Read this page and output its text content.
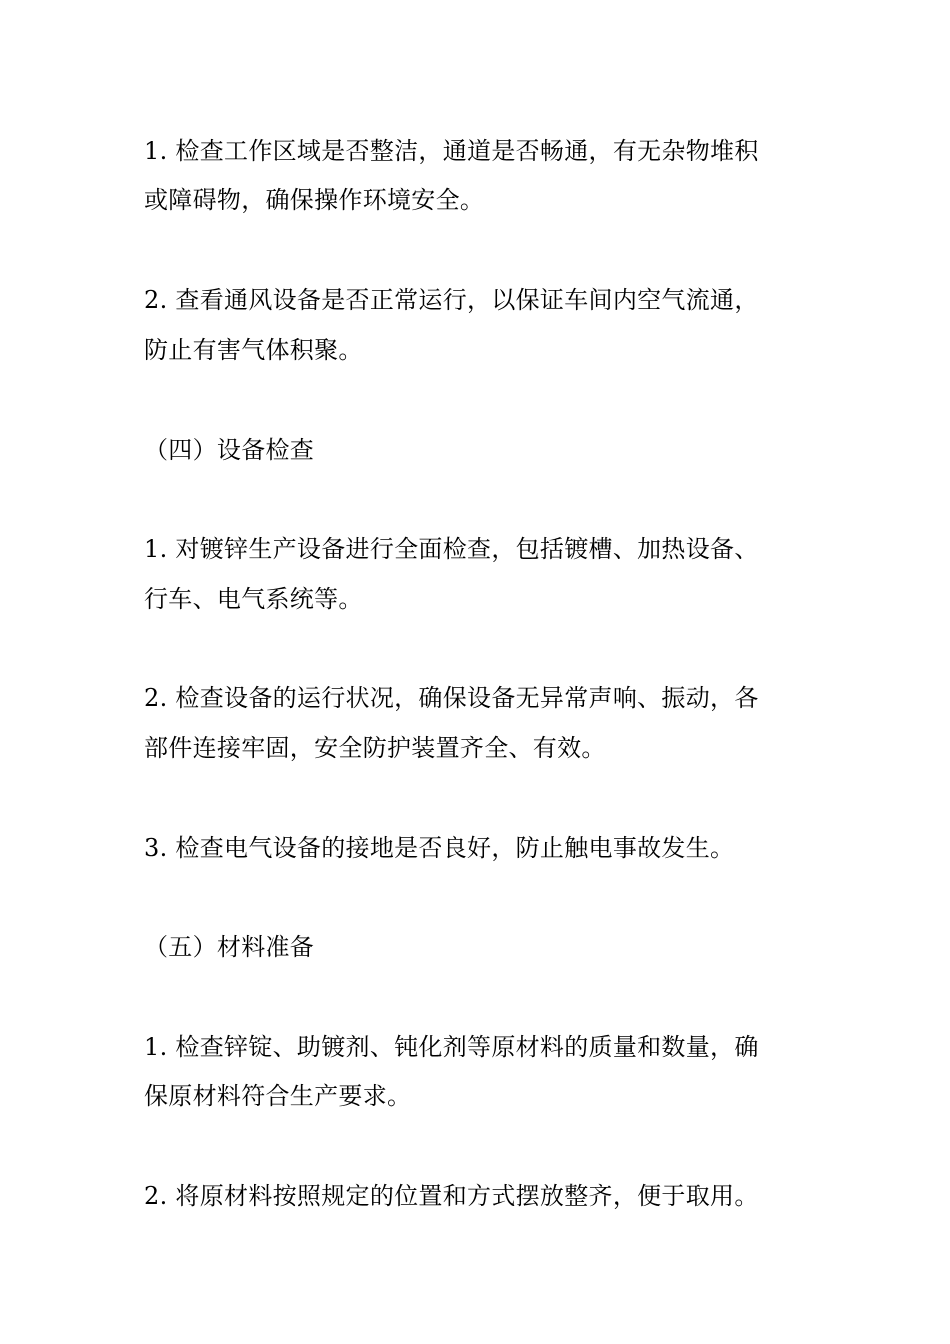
1. 检查工作区域是否整洁，通道是否畅通，有无杂物堆积
或障碍物，确保操作环境安全。
2. 查看通风设备是否正常运行，以保证车间内空气流通，
防止有害气体积聚。
（四）设备检查
1. 对镀锌生产设备进行全面检查，包括镀槽、加热设备、
行车、电气系统等。
2. 检查设备的运行状况，确保设备无异常声响、振动，各
部件连接牢固，安全防护装置齐全、有效。
3. 检查电气设备的接地是否良好，防止触电事故发生。
（五）材料准备
1. 检查锌锭、助镀剂、钝化剂等原材料的质量和数量，确
保原材料符合生产要求。
2. 将原材料按照规定的位置和方式摆放整齐，便于取用。
